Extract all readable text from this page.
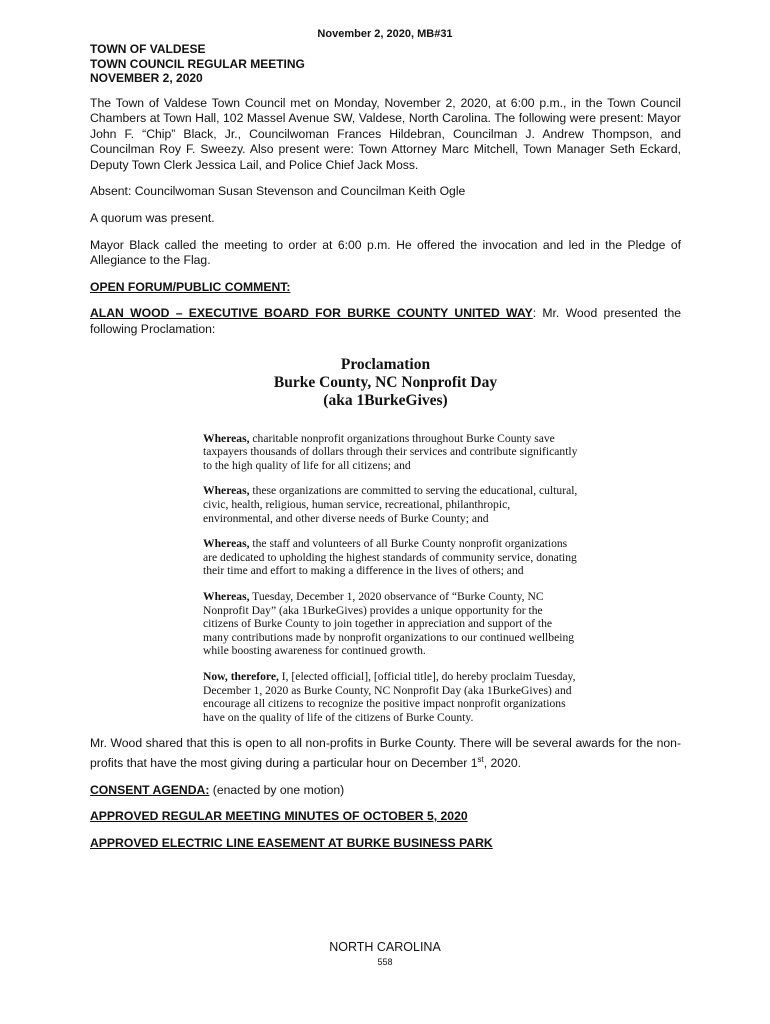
November 2, 2020, MB#31
TOWN OF VALDESE
TOWN COUNCIL REGULAR MEETING
NOVEMBER 2, 2020

The Town of Valdese Town Council met on Monday, November 2, 2020, at 6:00 p.m., in the Town Council Chambers at Town Hall, 102 Massel Avenue SW, Valdese, North Carolina. The following were present: Mayor John F. “Chip” Black, Jr., Councilwoman Frances Hildebran, Councilman J. Andrew Thompson, and Councilman Roy F. Sweezy. Also present were: Town Attorney Marc Mitchell, Town Manager Seth Eckard, Deputy Town Clerk Jessica Lail, and Police Chief Jack Moss.

Absent: Councilwoman Susan Stevenson and Councilman Keith Ogle

A quorum was present.

Mayor Black called the meeting to order at 6:00 p.m. He offered the invocation and led in the Pledge of Allegiance to the Flag.

OPEN FORUM/PUBLIC COMMENT:

ALAN WOOD – EXECUTIVE BOARD FOR BURKE COUNTY UNITED WAY: Mr. Wood presented the following Proclamation:

Proclamation
Burke County, NC Nonprofit Day
(aka 1BurkeGives)

Whereas, charitable nonprofit organizations throughout Burke County save taxpayers thousands of dollars through their services and contribute significantly to the high quality of life for all citizens; and

Whereas, these organizations are committed to serving the educational, cultural, civic, health, religious, human service, recreational, philanthropic, environmental, and other diverse needs of Burke County; and

Whereas, the staff and volunteers of all Burke County nonprofit organizations are dedicated to upholding the highest standards of community service, donating their time and effort to making a difference in the lives of others; and

Whereas, Tuesday, December 1, 2020 observance of “Burke County, NC Nonprofit Day” (aka 1BurkeGives) provides a unique opportunity for the citizens of Burke County to join together in appreciation and support of the many contributions made by nonprofit organizations to our continued wellbeing while boosting awareness for continued growth.

Now, therefore, I, [elected official], [official title], do hereby proclaim Tuesday, December 1, 2020 as Burke County, NC Nonprofit Day (aka 1BurkeGives) and encourage all citizens to recognize the positive impact nonprofit organizations have on the quality of life of the citizens of Burke County.

Mr. Wood shared that this is open to all non-profits in Burke County. There will be several awards for the non-profits that have the most giving during a particular hour on December 1st, 2020.

CONSENT AGENDA: (enacted by one motion)

APPROVED REGULAR MEETING MINUTES OF OCTOBER 5, 2020

APPROVED ELECTRIC LINE EASEMENT AT BURKE BUSINESS PARK

NORTH CAROLINA
558
